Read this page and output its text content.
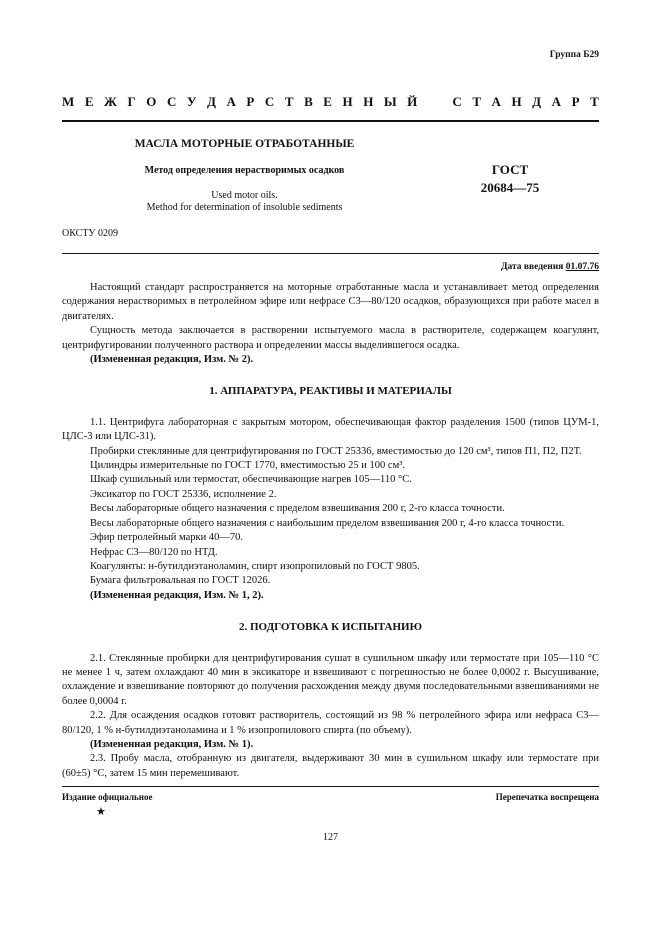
Группа Б29
М Е Ж Г О С У Д А Р С Т В Е Н Н Ы Й
	С Т А Н Д А Р Т
МАСЛА МОТОРНЫЕ ОТРАБОТАННЫЕ
Метод определения нерастворимых осадков
Used motor oils.
Method for determination of insoluble sediments
ГОСТ
20684—75
ОКСТУ 0209
Дата введения 01.07.76

Настоящий стандарт распространяется на моторные отработанные масла и устанавливает метод определения содержания нерастворимых в петролейном эфире или нефрасе С3—80/120 осадков, образующихся при работе масел в двигателях.

Сущность метода заключается в растворении испытуемого масла в растворителе, содержащем коагулянт, центрифугировании полученного раствора и определении массы выделившегося осадка.

(Измененная редакция, Изм. № 2).

1. АППАРАТУРА, РЕАКТИВЫ И МАТЕРИАЛЫ

1.1. Центрифуга лабораторная с закрытым мотором, обеспечивающая фактор разделения 1500 (типов ЦУМ-1, ЦЛС-3 или ЦЛС-31).

Пробирки стеклянные для центрифугирования по ГОСТ 25336, вместимостью до 120 см³, типов П1, П2, П2Т.

Цилиндры измерительные по ГОСТ 1770, вместимостью 25 и 100 см³.

Шкаф сушильный или термостат, обеспечивающие нагрев 105—110 °С.

Эксикатор по ГОСТ 25336, исполнение 2.

Весы лабораторные общего назначения с пределом взвешивания 200 г, 2-го класса точности.

Весы лабораторные общего назначения с наибольшим пределом взвешивания 200 г, 4-го класса точности.

Эфир петролейный марки 40—70.

Нефрас С3—80/120 по НТД.

Коагулянты: н-бутилдиэтаноламин, спирт изопропиловый по ГОСТ 9805.

Бумага фильтровальная по ГОСТ 12026.

(Измененная редакция, Изм. № 1, 2).

2. ПОДГОТОВКА К ИСПЫТАНИЮ

2.1. Стеклянные пробирки для центрифугирования сушат в сушильном шкафу или термостате при 105—110 °С не менее 1 ч, затем охлаждают 40 мин в эксикаторе и взвешивают с погрешностью не более 0,0002 г. Высушивание, охлаждение и взвешивание повторяют до получения расхождения между двумя последовательными взвешиваниями не более 0,0004 г.

2.2. Для осаждения осадков готовят растворитель, состоящий из 98 % петролейного эфира или нефраса С3—80/120, 1 % н-бутилдиэтаноламина и 1 % изопропилового спирта (по объему).

(Измененная редакция, Изм. № 1).

2.3. Пробу масла, отобранную из двигателя, выдерживают 30 мин в сушильном шкафу или термостате при (60±5) °С, затем 15 мин перемешивают.

Издание официальное	Перепечатка воспрещена
★
127
